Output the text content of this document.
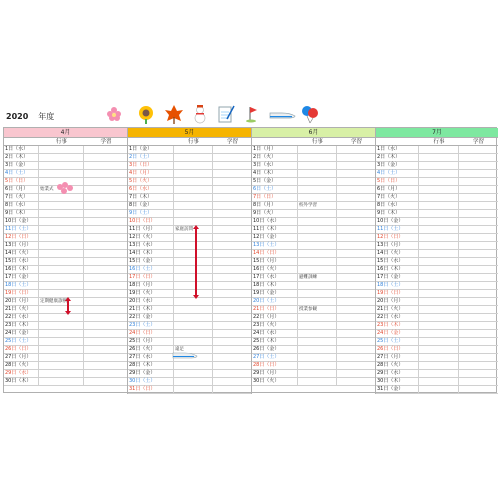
2020 年度
4月
行事	学習
1日（水）
2日（木）
3日（金）
4日（土）
5日（日）
6日（月）	始業式
7日（火）
8日（水）
9日（木）
10日（金）
11日（土）
12日（日）
13日（月）
14日（火）
15日（水）
16日（木）
17日（金）
18日（土）
19日（日）
20日（月）	定期健康診断
21日（火）
22日（水）
23日（木）
24日（金）
25日（土）
26日（日）
27日（月）
28日（火）
29日（水）
30日（木）
5月
行事	学習
1日（金）
2日（土）
3日（日）
4日（月）
5日（火）
6日（水）
7日（木）
8日（金）
9日（土）
10日（日）
11日（月）	家庭訪問
12日（火）
13日（水）
14日（木）
15日（金）
16日（土）
17日（日）
18日（月）
19日（火）
20日（水）
21日（木）
22日（金）
23日（土）
24日（日）
25日（月）
26日（火）	遠足
27日（水）
28日（木）
29日（金）
30日（土）
31日（日）
6月
行事	学習
1日（月）
2日（火）
3日（水）
4日（木）
5日（金）
6日（土）
7日（日）
8日（月）	校外学習
9日（火）
10日（水）
11日（木）
12日（金）
13日（土）
14日（日）
15日（月）
16日（火）
17日（水）	避難訓練
18日（木）
19日（金）
20日（土）
21日（日）	授業参観
22日（月）
23日（火）
24日（水）
25日（木）
26日（金）
27日（土）
28日（日）
29日（月）
30日（火）
7月
行事	学習
1日（水）
2日（木）
3日（金）
4日（土）
5日（日）
6日（月）
7日（火）
8日（水）
9日（木）
10日（金）
11日（土）
12日（日）
13日（月）
14日（火）
15日（水）
16日（木）
17日（金）
18日（土）
19日（日）
20日（月）
21日（火）
22日（水）
23日（木）
24日（金）
25日（土）
26日（日）
27日（月）
28日（火）
29日（水）
30日（木）
31日（金）
